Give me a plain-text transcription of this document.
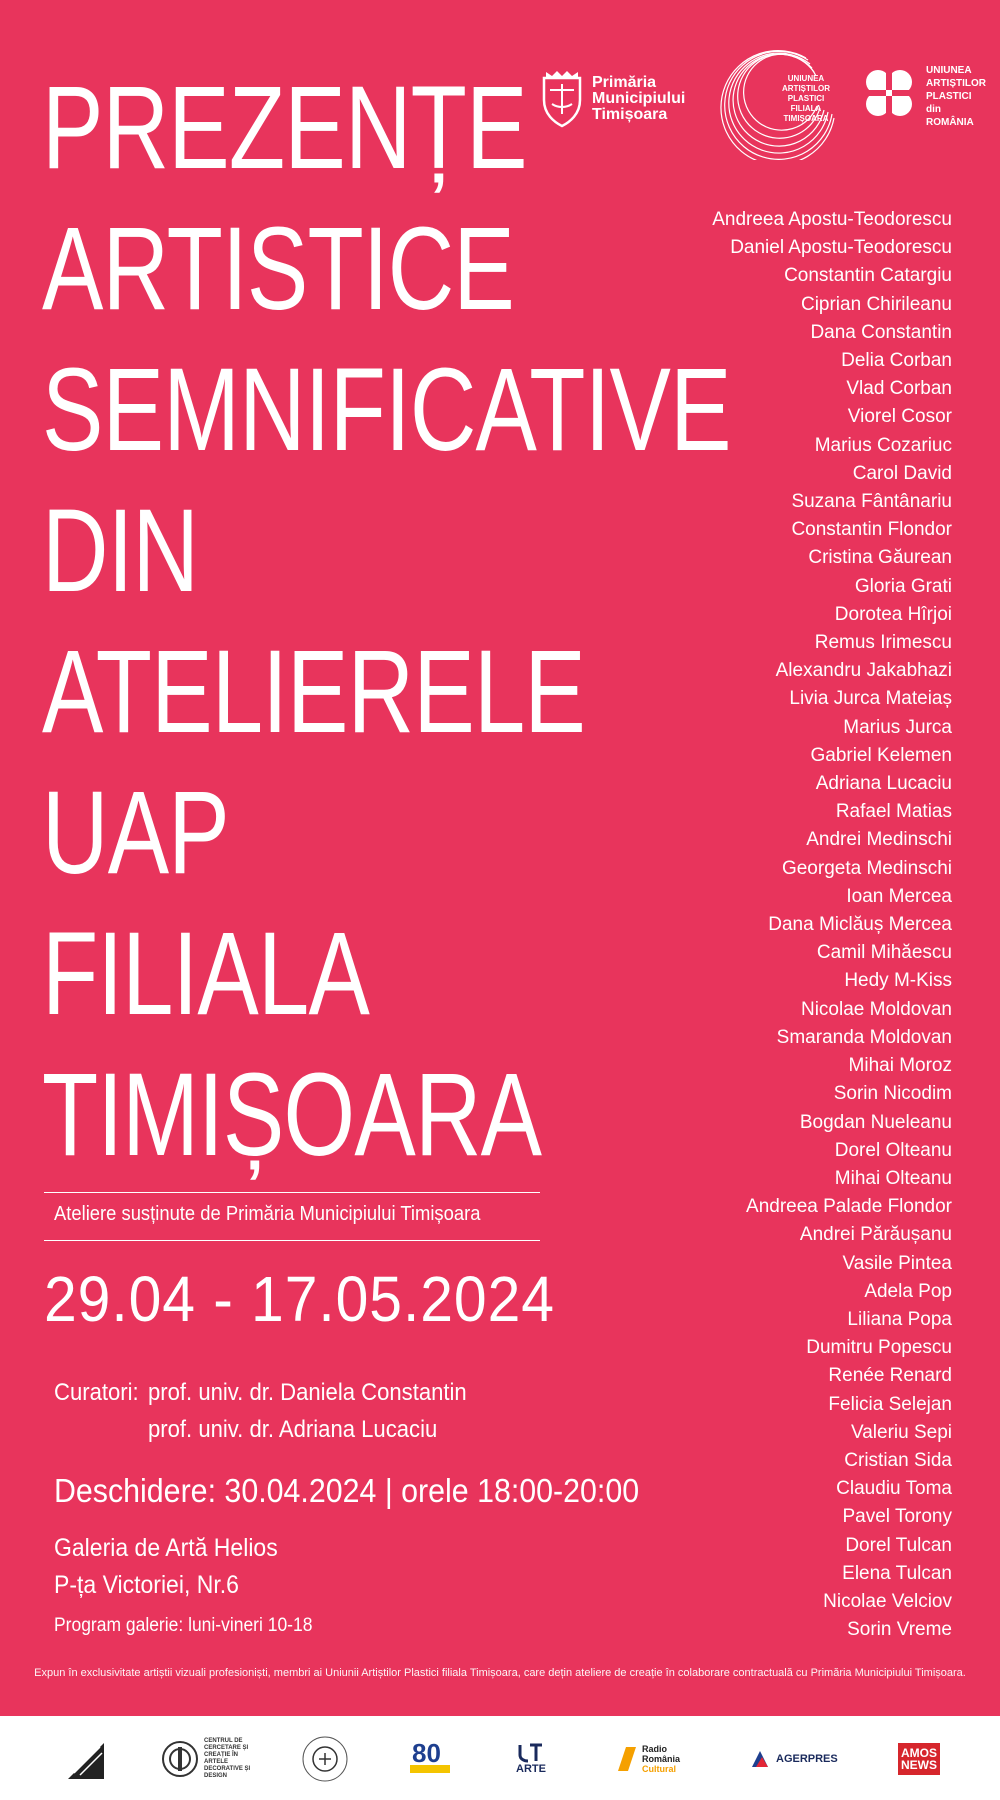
Primăria
Municipiului
Timișoara
UNIUNEA
ARTIȘTILOR
PLASTICI
FILIALA
TIMIȘOARA
UNIUNEA
ARTIȘTILOR
PLASTICI
din
ROMÂNIA
PREZENȚE
ARTISTICE
SEMNIFICATIVE
DIN
ATELIERELE
UAP
FILIALA
TIMIȘOARA
Ateliere susținute de Primăria Municipiului Timișoara
29.04 - 17.05.2024
Curatori: prof. univ. dr. Daniela Constantin
prof. univ. dr. Adriana Lucaciu
Deschidere: 30.04.2024 | orele 18:00-20:00
Galeria de Artă Helios
P-ța Victoriei, Nr.6
Program galerie: luni-vineri 10-18
Andreea Apostu-Teodorescu
Daniel Apostu-Teodorescu
Constantin Catargiu
Ciprian Chirileanu
Dana Constantin
Delia Corban
Vlad Corban
Viorel Cosor
Marius Cozariuc
Carol David
Suzana Fântânariu
Constantin Flondor
Cristina Găurean
Gloria Grati
Dorotea Hîrjoi
Remus Irimescu
Alexandru Jakabhazi
Livia Jurca Mateiaș
Marius Jurca
Gabriel Kelemen
Adriana Lucaciu
Rafael Matias
Andrei Medinschi
Georgeta Medinschi
Ioan Mercea
Dana Miclăuș Mercea
Camil Mihăescu
Hedy M-Kiss
Nicolae Moldovan
Smaranda Moldovan
Mihai Moroz
Sorin Nicodim
Bogdan Nueleanu
Dorel Olteanu
Mihai Olteanu
Andreea Palade Flondor
Andrei Părăușanu
Vasile Pintea
Adela Pop
Liliana Popa
Dumitru Popescu
Renée Renard
Felicia Selejan
Valeriu Sepi
Cristian Sida
Claudiu Toma
Pavel Torony
Dorel Tulcan
Elena Tulcan
Nicolae Velciov
Sorin Vreme
Expun în exclusivitate artiștii vizuali profesioniști, membri ai Uniunii Artiștilor Plastici filiala Timișoara, care dețin ateliere de creație în colaborare contractuală cu Primăria Municipiului Timișoara.
CENTRUL DE
CERCETARE ȘI
CREAȚIE ÎN
ARTELE
DECORATIVE ȘI
DESIGN
80
ARTE
Radio
România
Cultural
AGERPRES	AMOS
NEWS
